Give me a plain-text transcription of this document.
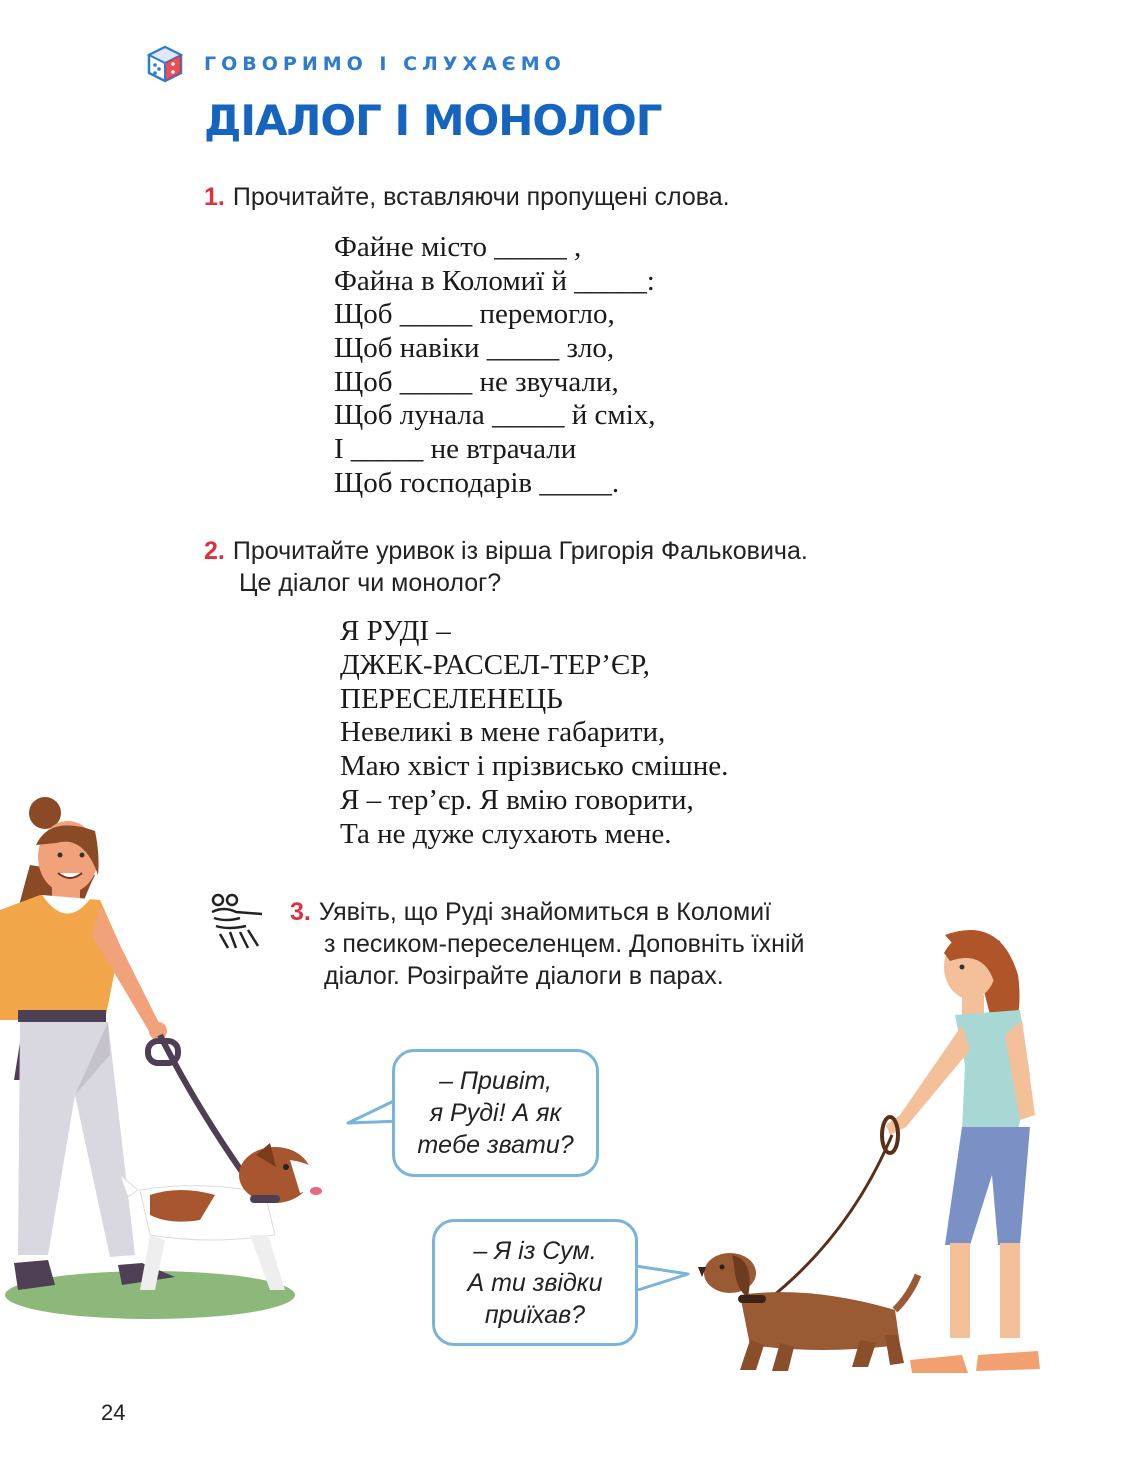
ГОВОРИМО І СЛУХАЄМО
ДІАЛОГ І МОНОЛОГ
1. Прочитайте, вставляючи пропущені слова.
Файне місто _____ ,
Файна в Коломиї й _____:
Щоб _____ перемогло,
Щоб навіки _____ зло,
Щоб _____ не звучали,
Щоб лунала _____ й сміх,
І _____ не втрачали
Щоб господарів _____.
2. Прочитайте уривок із вірша Григорія Фальковича.
Це діалог чи монолог?
Я РУДІ –
ДЖЕК-РАССЕЛ-ТЕР’ЄР,
ПЕРЕСЕЛЕНЕЦЬ
Невеликі в мене габарити,
Маю хвіст і прізвисько смішне.
Я – тер’єр. Я вмію говорити,
Та не дуже слухають мене.
3. Уявіть, що Руді знайомиться в Коломиї
з песиком-переселенцем. Доповніть їхній
діалог. Розіграйте діалоги в парах.
– Привіт,
я Руді! А як
тебе звати?
– Я із Сум.
А ти звідки
приїхав?
24
